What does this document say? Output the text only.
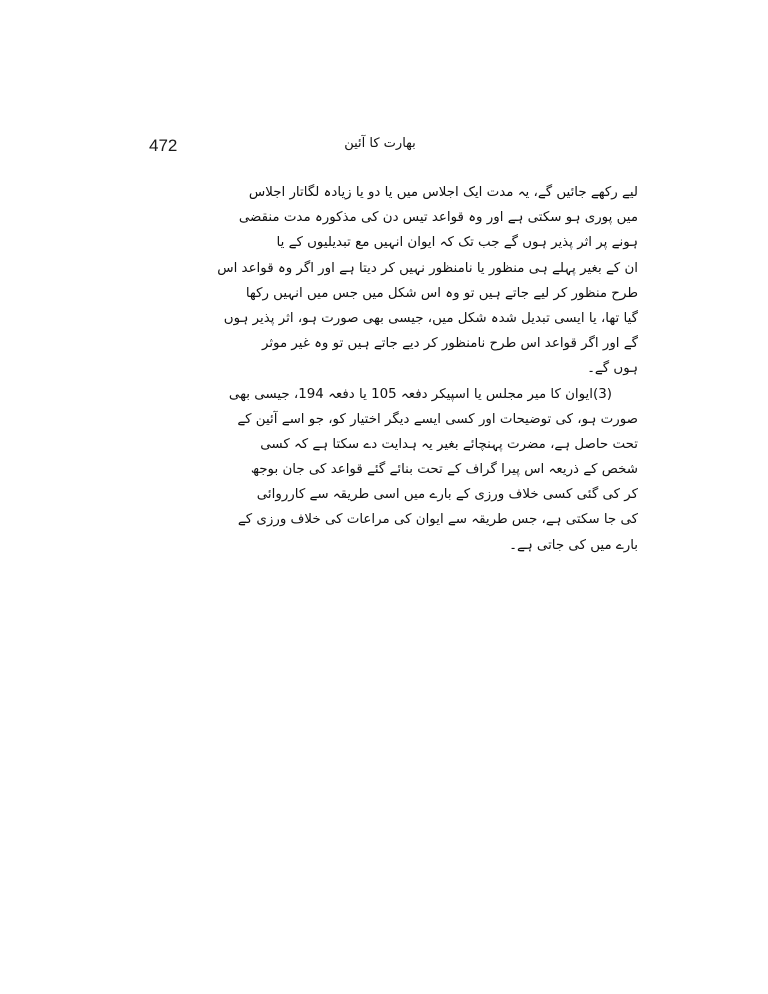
472	بھارت کا آئین
لیے رکھے جائیں گے، یہ مدت ایک اجلاس میں یا دو یا زیادہ لگاتار اجلاس
میں پوری ہو سکتی ہے اور وہ قواعد تیس دن کی مذکورہ مدت منقضی
ہونے پر اثر پذیر ہوں گے جب تک کہ ایوان انہیں مع تبدیلیوں کے یا
ان کے بغیر پہلے ہی منظور یا نامنظور نہیں کر دیتا ہے اور اگر وہ قواعد اس
طرح منظور کر لیے جاتے ہیں تو وہ اس شکل میں جس میں انہیں رکھا
گیا تھا، یا ایسی تبدیل شدہ شکل میں، جیسی بھی صورت ہو، اثر پذیر ہوں
گے اور اگر قواعد اس طرح نامنظور کر دیے جاتے ہیں تو وہ غیر موثر
ہوں گے۔
(3)ایوان کا میر مجلس یا اسپیکر دفعہ 105 یا دفعہ 194، جیسی بھی
صورت ہو، کی توضیحات اور کسی ایسے دیگر اختیار کو، جو اسے آئین کے
تحت حاصل ہے، مضرت پہنچائے بغیر یہ ہدایت دے سکتا ہے کہ کسی
شخص کے ذریعہ اس پیرا گراف کے تحت بنائے گئے قواعد کی جان بوجھ
کر کی گئی کسی خلاف ورزی کے بارے میں اسی طریقہ سے کارروائی
کی جا سکتی ہے، جس طریقہ سے ایوان کی مراعات کی خلاف ورزی کے
بارے میں کی جاتی ہے۔
